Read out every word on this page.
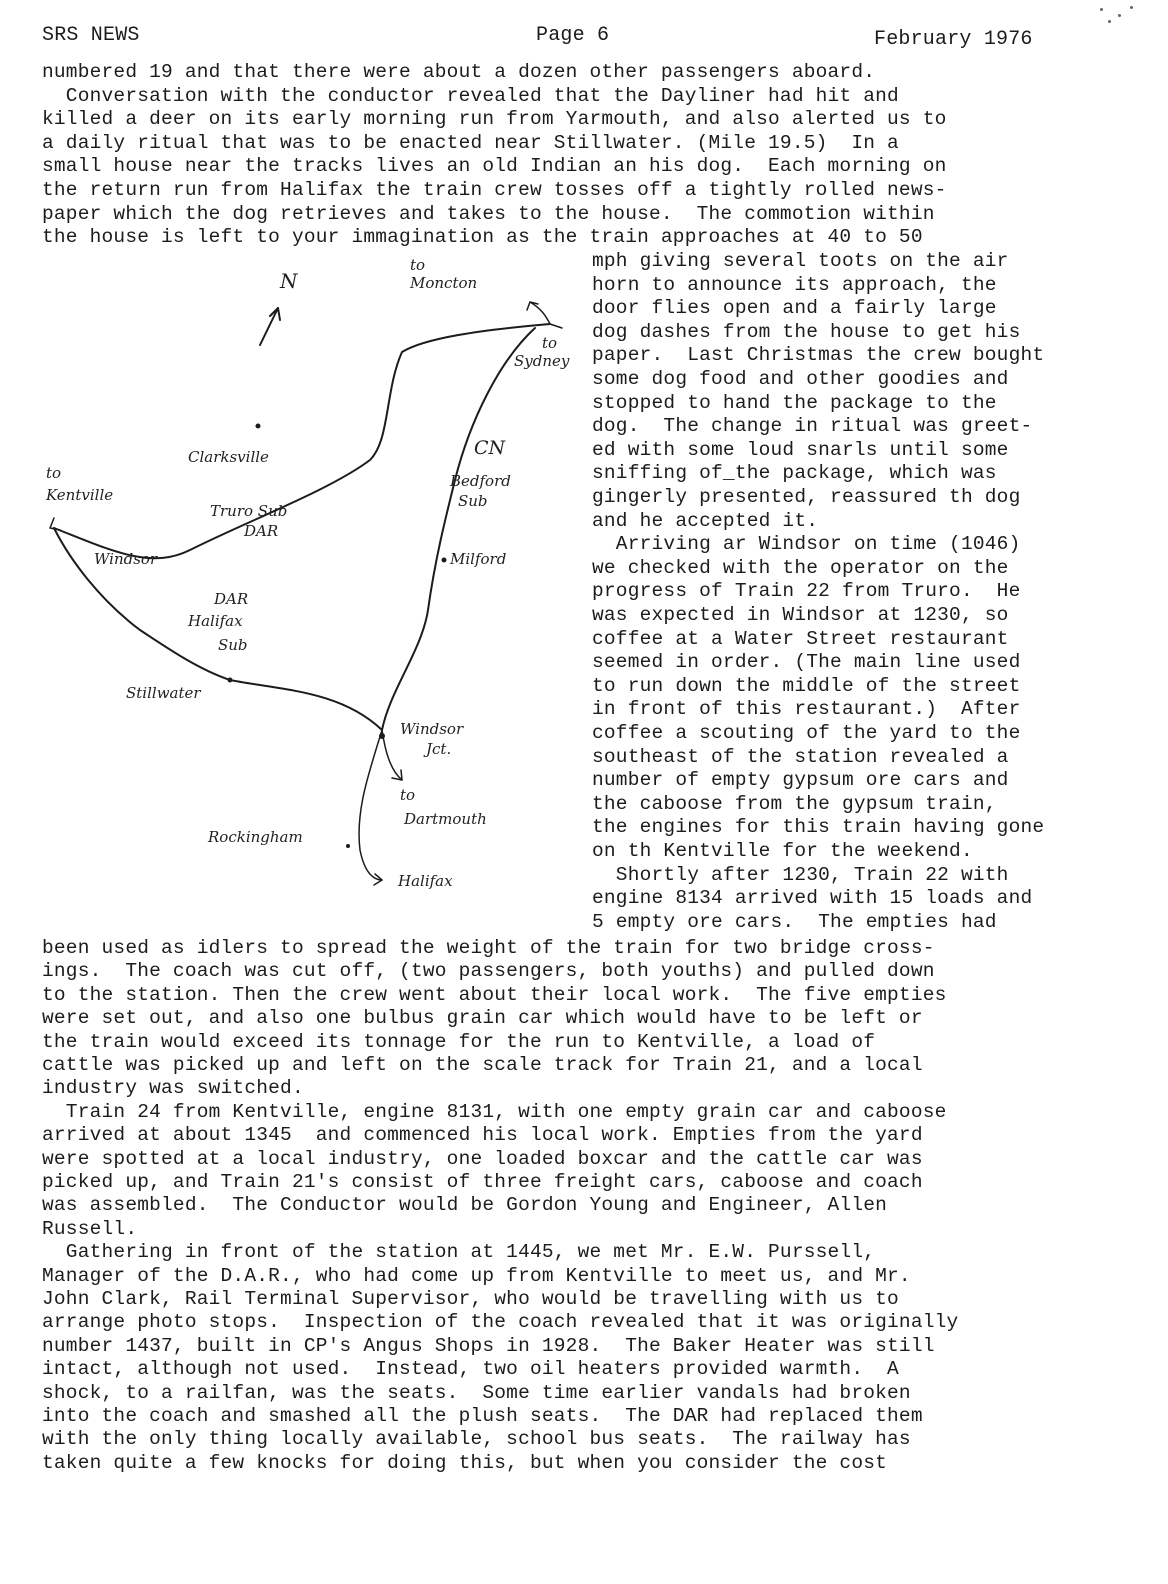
SRS NEWS	Page 6	February 1976
numbered 19 and that there were about a dozen other passengers aboard.
Conversation with the conductor revealed that the Dayliner had hit and
killed a deer on its early morning run from Yarmouth, and also alerted us to
a daily ritual that was to be enacted near Stillwater. (Mile 19.5)  In a
small house near the tracks lives an old Indian an his dog.  Each morning on
the return run from Halifax the train crew tosses off a tightly rolled news-
paper which the dog retrieves and takes to the house.  The commotion within
the house is left to your immagination as the train approaches at 40 to 50
mph giving several toots on the air
horn to announce its approach, the
door flies open and a fairly large
dog dashes from the house to get his
paper.  Last Christmas the crew bought
some dog food and other goodies and
stopped to hand the package to the
dog.  The change in ritual was greet-
ed with some loud snarls until some
sniffing of_the package, which was
gingerly presented, reassured th dog
and he accepted it.
Arriving ar Windsor on time (1046)
we checked with the operator on the
progress of Train 22 from Truro.  He
was expected in Windsor at 1230, so
coffee at a Water Street restaurant
seemed in order. (The main line used
to run down the middle of the street
in front of this restaurant.)  After
coffee a scouting of the yard to the
southeast of the station revealed a
number of empty gypsum ore cars and
the caboose from the gypsum train,
the engines for this train having gone
on th Kentville for the weekend.
Shortly after 1230, Train 22 with
engine 8134 arrived with 15 loads and
5 empty ore cars.  The empties had
been used as idlers to spread the weight of the train for two bridge cross-
ings.  The coach was cut off, (two passengers, both youths) and pulled down
to the station. Then the crew went about their local work.  The five empties
were set out, and also one bulbus grain car which would have to be left or
the train would exceed its tonnage for the run to Kentville, a load of
cattle was picked up and left on the scale track for Train 21, and a local
industry was switched.
Train 24 from Kentville, engine 8131, with one empty grain car and caboose
arrived at about 1345  and commenced his local work. Empties from the yard
were spotted at a local industry, one loaded boxcar and the cattle car was
picked up, and Train 21's consist of three freight cars, caboose and coach
was assembled.  The Conductor would be Gordon Young and Engineer, Allen
Russell.
Gathering in front of the station at 1445, we met Mr. E.W. Purssell,
Manager of the D.A.R., who had come up from Kentville to meet us, and Mr.
John Clark, Rail Terminal Supervisor, who would be travelling with us to
arrange photo stops.  Inspection of the coach revealed that it was originally
number 1437, built in CP's Angus Shops in 1928.  The Baker Heater was still
intact, although not used.  Instead, two oil heaters provided warmth.  A
shock, to a railfan, was the seats.  Some time earlier vandals had broken
into the coach and smashed all the plush seats.  The DAR had replaced them
with the only thing locally available, school bus seats.  The railway has
taken quite a few knocks for doing this, but when you consider the cost
N
to
Moncton
to
Sydney
Clarksville	CN
Bedford
Sub
to
Kentville
Truro Sub
DAR
Windsor	Milford
DAR
Halifax
Sub
Stillwater
Windsor
Jct.
to
Dartmouth
Rockingham
Halifax
